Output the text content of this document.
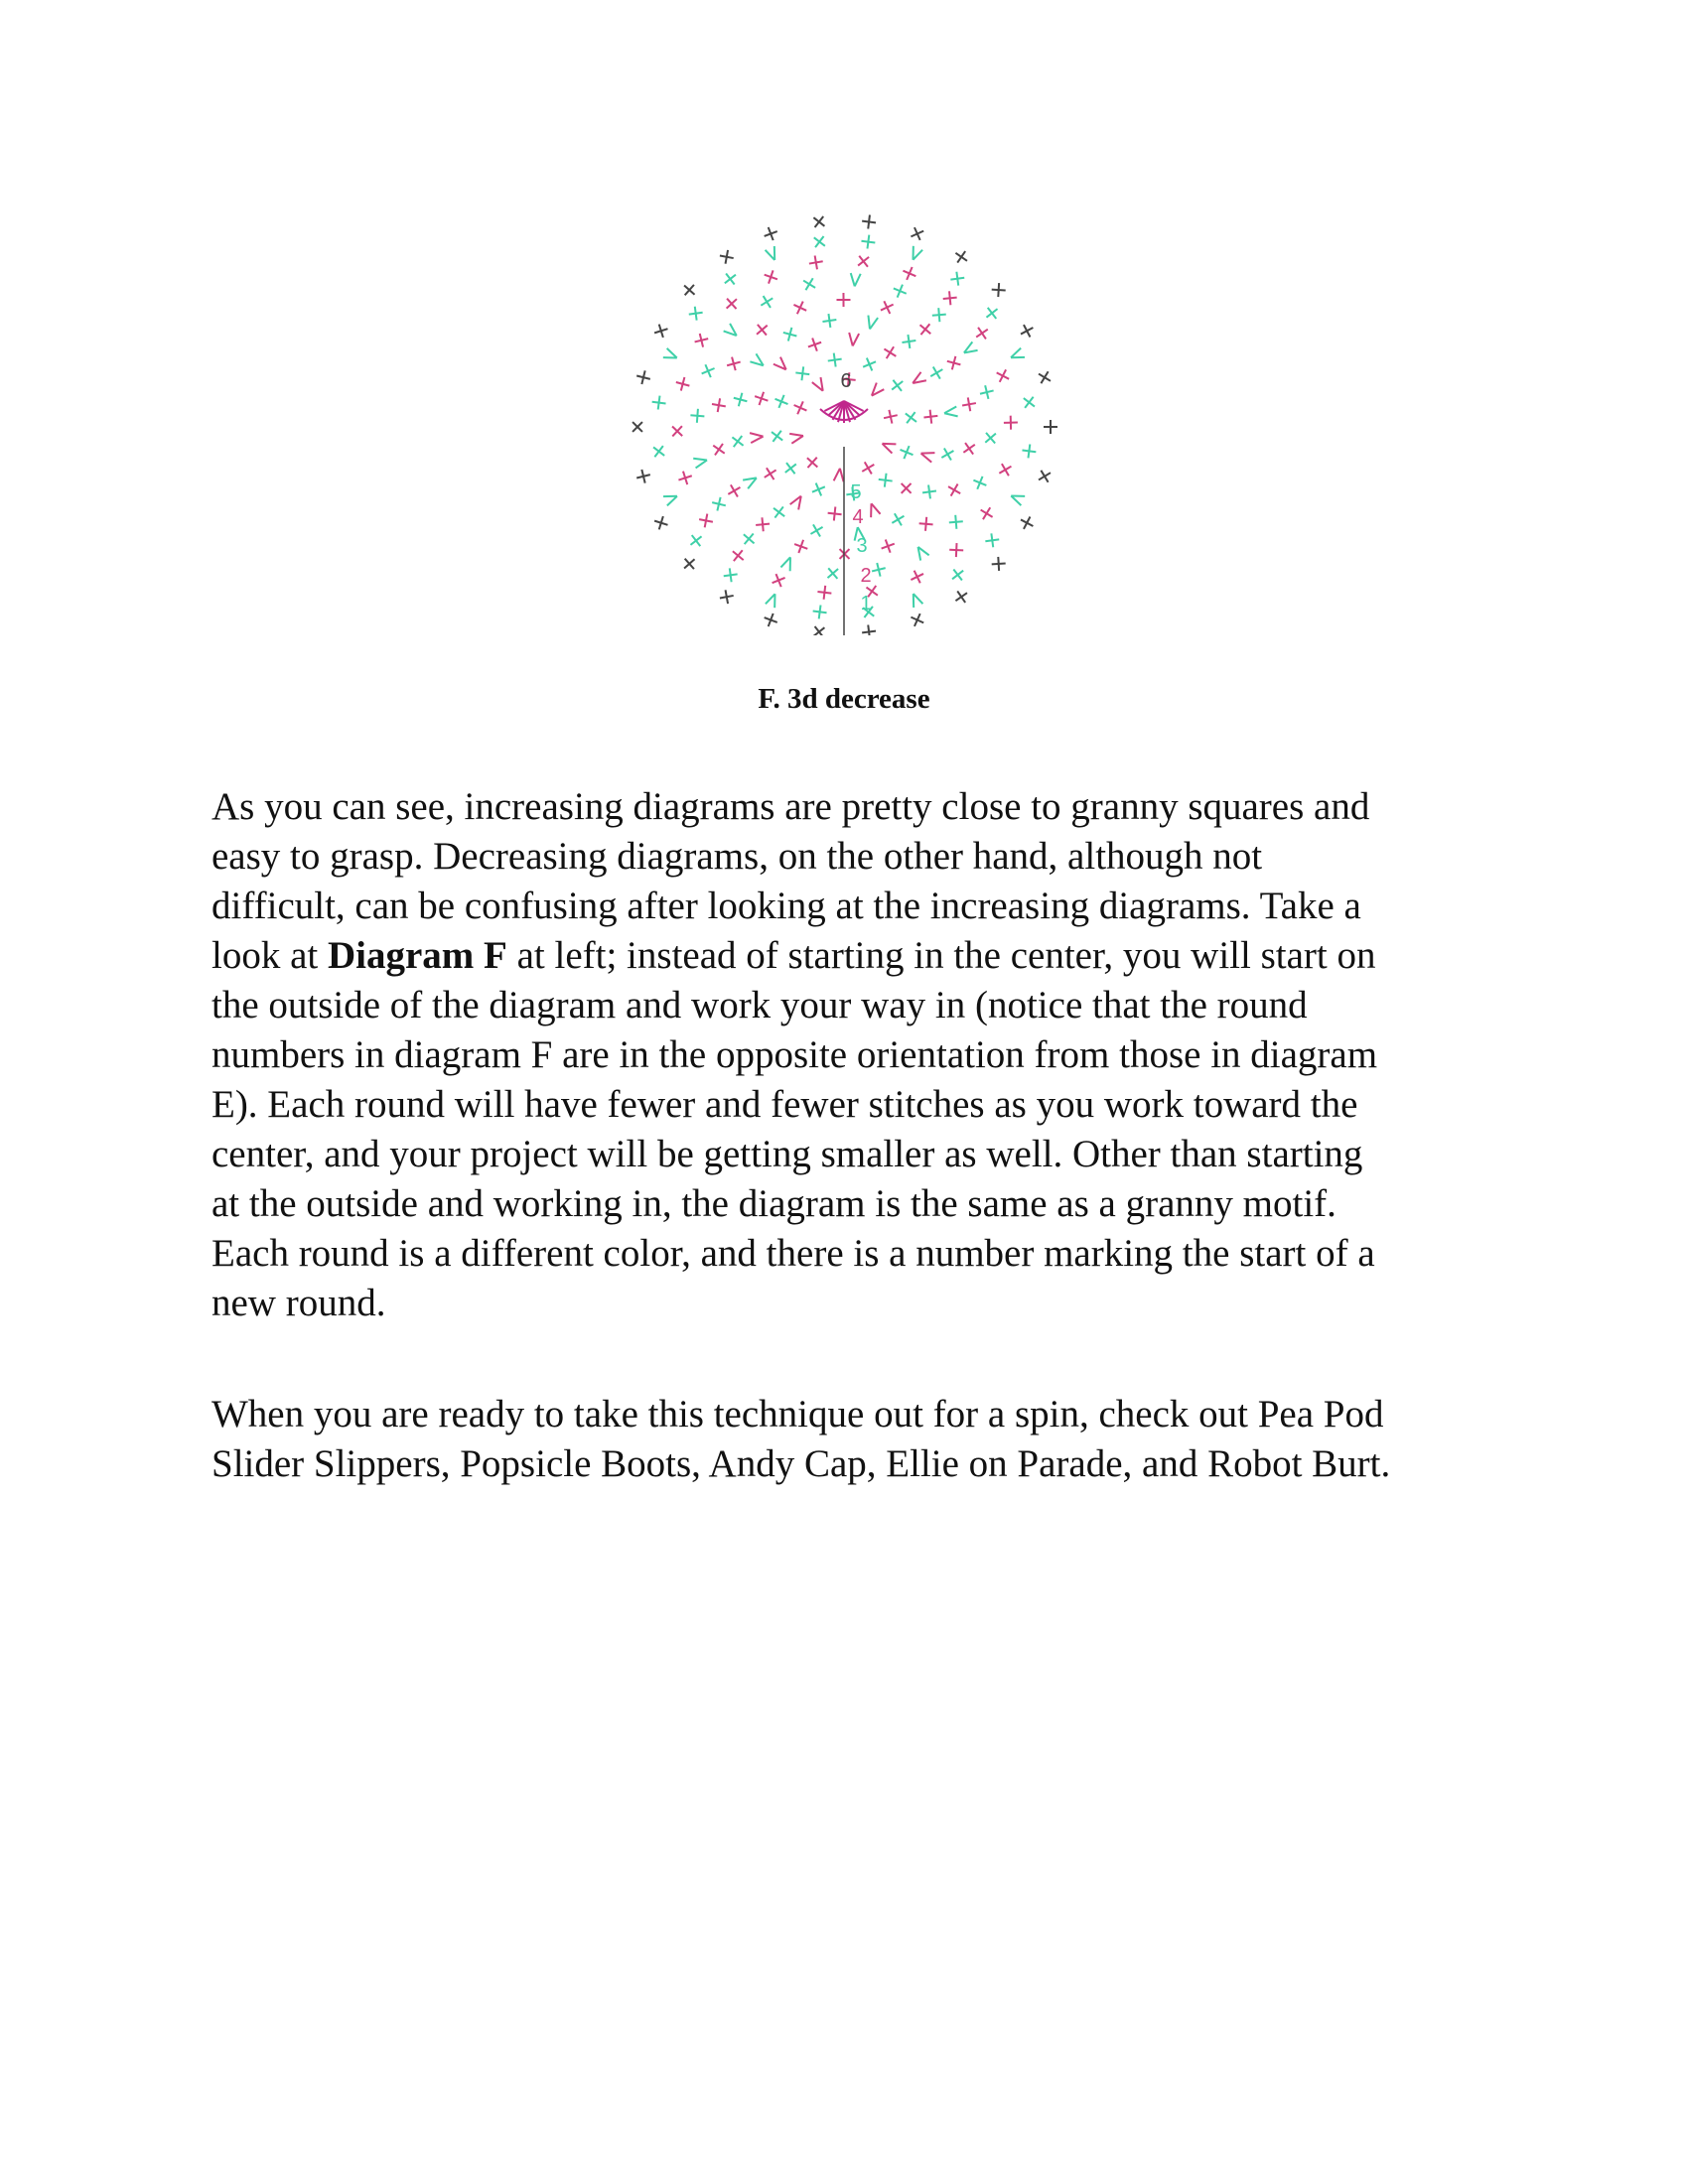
6
5
4
3
2
1
F. 3d decrease
As you can see, increasing diagrams are pretty close to granny squares and
easy to grasp. Decreasing diagrams, on the other hand, although not
difficult, can be confusing after looking at the increasing diagrams. Take a
look at Diagram F at left; instead of starting in the center, you will start on
the outside of the diagram and work your way in (notice that the round
numbers in diagram F are in the opposite orientation from those in diagram
E). Each round will have fewer and fewer stitches as you work toward the
center, and your project will be getting smaller as well. Other than starting
at the outside and working in, the diagram is the same as a granny motif.
Each round is a different color, and there is a number marking the start of a
new round.
When you are ready to take this technique out for a spin, check out Pea Pod
Slider Slippers, Popsicle Boots, Andy Cap, Ellie on Parade, and Robot Burt.
